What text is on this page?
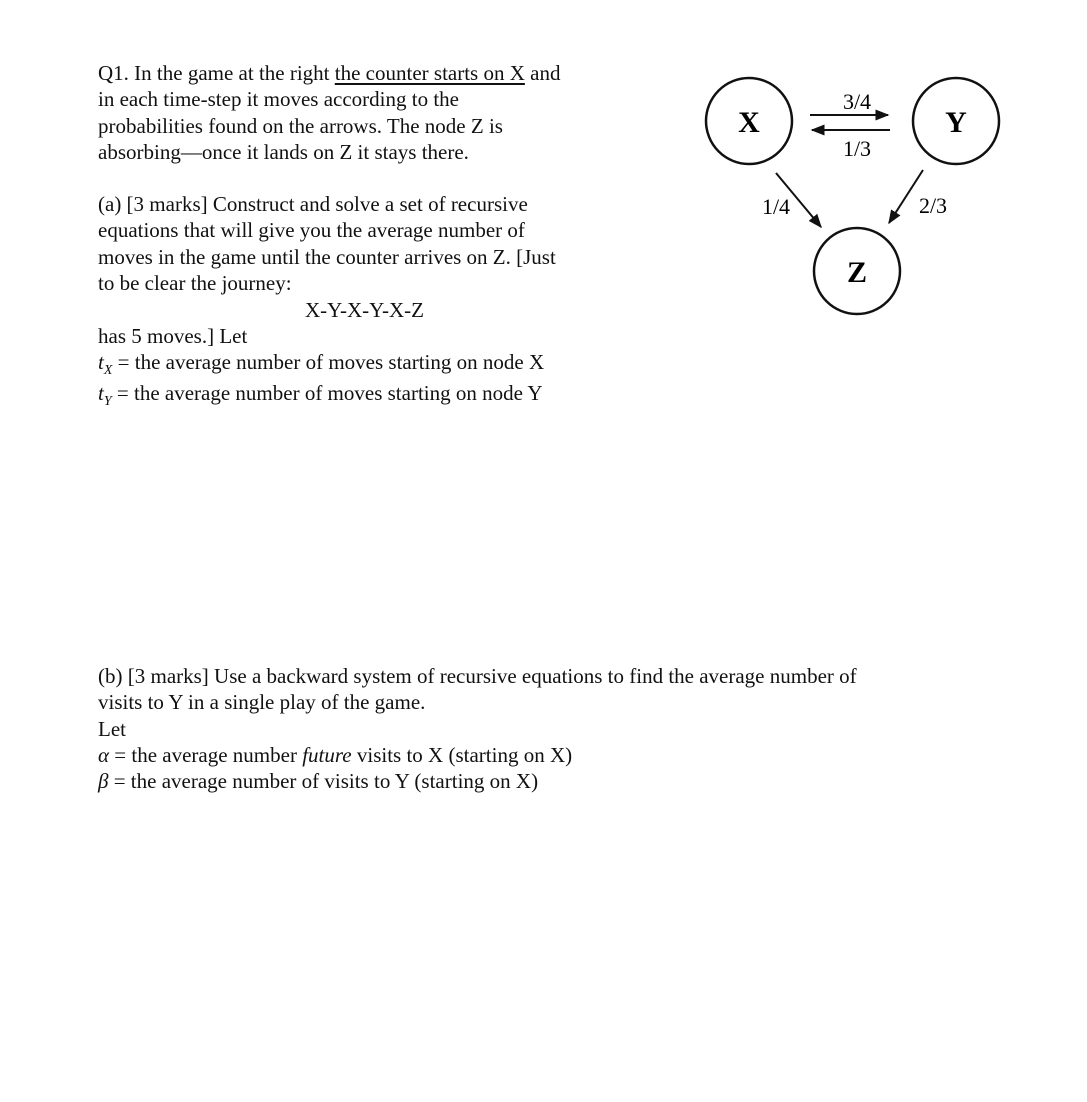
Q1. In the game at the right the counter starts on X and
in each time-step it moves according to the
probabilities found on the arrows. The node Z is
absorbing––once it lands on Z it stays there.
(a) [3 marks] Construct and solve a set of recursive
equations that will give you the average number of
moves in the game until the counter arrives on Z. [Just
to be clear the journey:
X-Y-X-Y-X-Z
has 5 moves.] Let
$t_X$ = the average number of moves starting on node X
$t_Y$ = the average number of moves starting on node Y
(b) [3 marks] Use a backward system of recursive equations to find the average number of
visits to Y in a single play of the game.
Let
α = the average number future visits to X (starting on X)
β = the average number of visits to Y (starting on X)
X	Y
Z
3/4
1/3
1/4	2/3
